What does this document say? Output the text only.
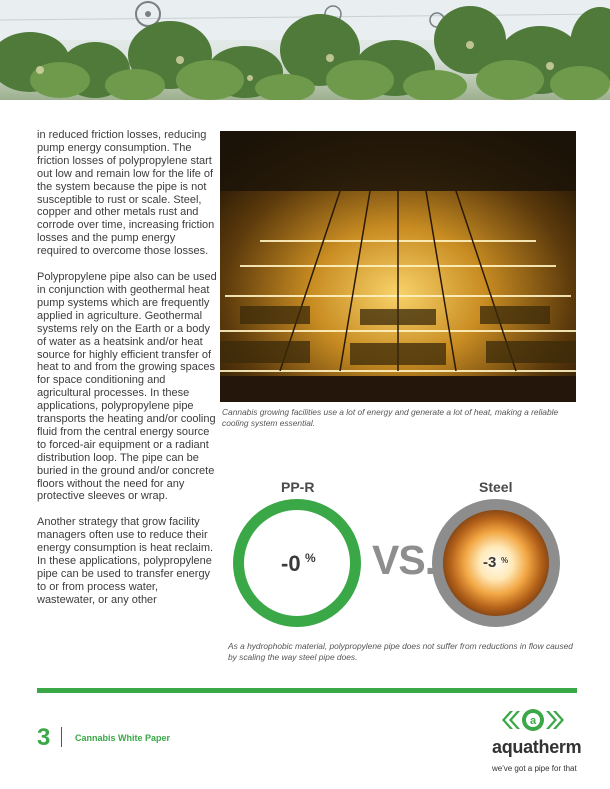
in reduced friction losses, reducing pump energy consumption. The friction losses of polypropylene start out low and remain low for the life of the system because the pipe is not susceptible to rust or scale. Steel, copper and other metals rust and corrode over time, increasing friction losses and the pump energy required to overcome those losses.

Polypropylene pipe also can be used in conjunction with geothermal heat pump systems which are frequently applied in agriculture. Geothermal systems rely on the Earth or a body of water as a heatsink and/or heat source for highly efficient transfer of heat to and from the growing spaces for space conditioning and agricultural processes. In these applications, polypropylene pipe transports the heating and/or cooling fluid from the central energy source to forced-air equipment or a radiant distribution loop. The pipe can be buried in the ground and/or concrete floors without the need for any protective sleeves or wrap.

Another strategy that grow facility managers often use to reduce their energy consumption is heat reclaim. In these applications, polypropylene pipe can be used to transfer energy to or from process water, wastewater, or any other

Cannabis growing facilities use a lot of energy and generate a lot of heat, making a reliable cooling system essential.
PP-R	Steel
-0 % VS.	-3 %
As a hydrophobic material, polypropylene pipe does not suffer from reductions in flow caused by scaling the way steel pipe does.
3	Cannabis White Paper
a
aquatherm
we've got a pipe for that
